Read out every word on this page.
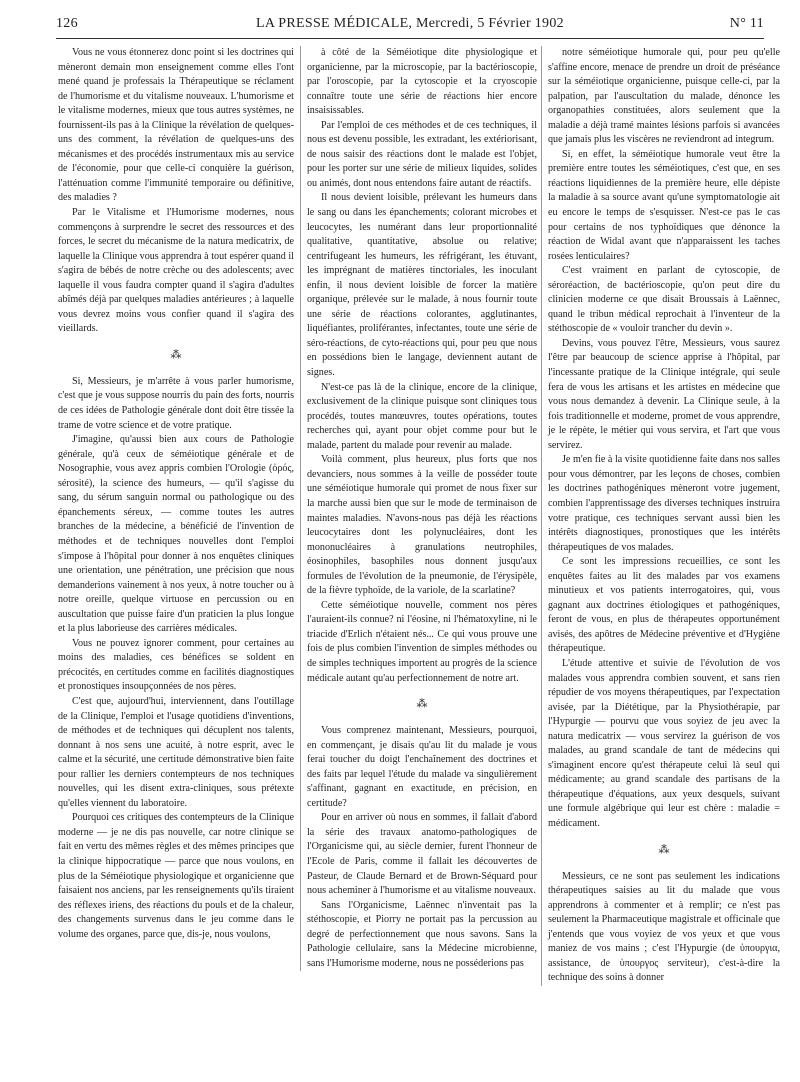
126	LA PRESSE MÉDICALE, Mercredi, 5 Février 1902	N° 11

Vous ne vous étonnerez donc point si les doctrines qui mèneront demain mon enseignement comme elles l'ont mené quand je professais la Thérapeutique se réclament de l'humorisme et du vitalisme nouveaux. L'humorisme et le vitalisme modernes, mieux que tous autres systèmes, ne fournissent-ils pas à la Clinique la révélation de quelques-uns des comment, la révélation de quelques-uns des mécanismes et des procédés instrumentaux mis au service de l'économie, pour que celle-ci conquière la guérison, l'atténuation comme l'immunité temporaire ou définitive, des maladies ?

Par le Vitalisme et l'Humorisme modernes, nous commençons à surprendre le secret des ressources et des forces, le secret du mécanisme de la natura medicatrix, de laquelle la Clinique vous apprendra à tout espérer quand il s'agira de bébés de notre crèche ou des adolescents; avec laquelle il vous faudra compter quand il s'agira d'adultes abîmés déjà par quelques maladies antérieures ; à laquelle vous devrez moins vous confier quand il s'agira des vieillards.

⁂

Si, Messieurs, je m'arrête à vous parler humorisme, c'est que je vous suppose nourris du pain des forts, nourris de ces idées de Pathologie générale dont doit être tissée la trame de votre science et de votre pratique.

J'imagine, qu'aussi bien aux cours de Pathologie générale, qu'à ceux de séméiotique générale et de Nosographie, vous avez appris combien l'Orologie (ὀρός, sérosité), la science des humeurs, — qu'il s'agisse du sang, du sérum sanguin normal ou pathologique ou des épanchements séreux, — comme toutes les autres branches de la médecine, a bénéficié de l'invention de méthodes et de techniques nouvelles dont l'emploi s'impose à l'hôpital pour donner à nos enquêtes cliniques une orientation, une pénétration, une précision que nous demanderions vainement à nos yeux, à notre toucher ou à notre oreille, quelque virtuose en percussion ou en auscultation que puisse faire d'un praticien la plus longue et la plus laborieuse des carrières médicales.

Vous ne pouvez ignorer comment, pour certaines au moins des maladies, ces bénéfices se soldent en précocités, en certitudes comme en facilités diagnostiques et pronostiques insoupçonnées de nos pères.

C'est que, aujourd'hui, interviennent, dans l'outillage de la Clinique, l'emploi et l'usage quotidiens d'inventions, de méthodes et de techniques qui décuplent nos talents, donnant à nos sens une acuité, à notre esprit, avec le calme et la sécurité, une certitude démonstrative bien faite pour rallier les derniers contempteurs de nos techniques nouvelles, qui les disent extra-cliniques, sous prétexte qu'elles viennent du laboratoire.

Pourquoi ces critiques des contempteurs de la Clinique moderne — je ne dis pas nouvelle, car notre clinique se fait en vertu des mêmes règles et des mêmes principes que la clinique hippocratique — parce que nous voulons, en plus de la Séméiotique physiologique et organicienne que faisaient nos anciens, par les renseignements qu'ils tiraient des réflexes iriens, des réactions du pouls et de la chaleur, des changements survenus dans le jeu comme dans le volume des organes, parce que, dis-je, nous voulons,

à côté de la Séméiotique dite physiologique et organicienne, par la microscopie, par la bactérioscopie, par l'oroscopie, par la cytoscopie et la cryoscopie connaître toute une série de réactions hier encore insaisissables.

Par l'emploi de ces méthodes et de ces techniques, il nous est devenu possible, les extradant, les extériorisant, de nous saisir des réactions dont le malade est l'objet, pour les porter sur une série de milieux liquides, solides ou animés, dont nous entendons faire autant de réactifs.

Il nous devient loisible, prélevant les humeurs dans le sang ou dans les épanchements; colorant microbes et leucocytes, les numérant dans leur proportionnalité qualitative, quantitative, absolue ou relative; centrifugeant les humeurs, les réfrigérant, les étuvant, les imprégnant de matières tinctoriales, les inoculant enfin, il nous devient loisible de forcer la matière organique, prélevée sur le malade, à nous fournir toute une série de réactions colorantes, agglutinantes, liquéfiantes, proliférantes, infectantes, toute une série de séro-réactions, de cyto-réactions qui, pour peu que nous en possédions bien le langage, deviennent autant de signes.

N'est-ce pas là de la clinique, encore de la clinique, exclusivement de la clinique puisque sont cliniques tous procédés, toutes manœuvres, toutes opérations, toutes recherches qui, ayant pour objet comme pour but le malade, partent du malade pour revenir au malade.

Voilà comment, plus heureux, plus forts que nos devanciers, nous sommes à la veille de posséder toute une séméiotique humorale qui promet de nous fixer sur la marche aussi bien que sur le mode de terminaison de maintes maladies. N'avons-nous pas déjà les réactions leucocytaires dont les polynucléaires, dont les mononucléaires à granulations neutrophiles, éosinophiles, basophiles nous donnent jusqu'aux formules de l'évolution de la pneumonie, de l'érysipèle, de la fièvre typhoïde, de la variole, de la scarlatine?

Cette séméiotique nouvelle, comment nos pères l'auraient-ils connue? ni l'éosine, ni l'hématoxyline, ni le triacide d'Erlich n'étaient nés... Ce qui vous prouve une fois de plus combien l'invention de simples méthodes ou de simples techniques importent au progrès de la science médicale autant qu'au perfectionnement de notre art.

⁂

Vous comprenez maintenant, Messieurs, pourquoi, en commençant, je disais qu'au lit du malade je vous ferai toucher du doigt l'enchaînement des doctrines et des faits par lequel l'étude du malade va singulièrement s'affinant, gagnant en exactitude, en précision, en certitude?

Pour en arriver où nous en sommes, il fallait d'abord la série des travaux anatomo-pathologiques de l'Organicisme qui, au siècle dernier, furent l'honneur de l'Ecole de Paris, comme il fallait les découvertes de Pasteur, de Claude Bernard et de Brown-Séquard pour nous acheminer à l'humorisme et au vitalisme nouveaux.

Sans l'Organicisme, Laënnec n'inventait pas la stéthoscopie, et Piorry ne portait pas la percussion au degré de perfectionnement que nous savons. Sans la Pathologie cellulaire, sans la Médecine microbienne, sans l'Humorisme moderne, nous ne posséderions pas

notre séméiotique humorale qui, pour peu qu'elle s'affine encore, menace de prendre un droit de préséance sur la séméiotique organicienne, puisque celle-ci, par la palpation, par l'auscultation du malade, dénonce les organopathies constituées, alors seulement que la maladie a déjà tramé maintes lésions parfois si avancées que jamais plus les viscères ne reviendront ad integrum.

Si, en effet, la séméiotique humorale veut être la première entre toutes les séméiotiques, c'est que, en ses réactions liquidiennes de la première heure, elle dépiste la maladie à sa source avant qu'une symptomatologie ait eu encore le temps de s'esquisser. N'est-ce pas le cas pour certains de nos typhoïdiques que dénonce la réaction de Widal avant que n'apparaissent les taches rosées lenticulaires?

C'est vraiment en parlant de cytoscopie, de séroréaction, de bactérioscopie, qu'on peut dire du clinicien moderne ce que disait Broussais à Laënnec, quand le tribun médical reprochait à l'inventeur de la stéthoscopie de « vouloir trancher du devin ».

Devins, vous pouvez l'être, Messieurs, vous saurez l'être par beaucoup de science apprise à l'hôpital, par l'incessante pratique de la Clinique intégrale, qui seule fera de vous les artisans et les artistes en médecine que vous nous demandez à devenir. La Clinique seule, à la fois traditionnelle et moderne, promet de vous apprendre, je le répète, le métier qui vous servira, et l'art que vous servirez.

Je m'en fie à la visite quotidienne faite dans nos salles pour vous démontrer, par les leçons de choses, combien les doctrines pathogéniques mèneront votre jugement, combien l'apprentissage des diverses techniques instruira votre pratique, ces techniques servant aussi bien les intérêts diagnostiques, pronostiques que les intérêts thérapeutiques de vos malades.

Ce sont les impressions recueillies, ce sont les enquêtes faites au lit des malades par vos examens minutieux et vos patients interrogatoires, qui, vous gagnant aux doctrines étiologiques et pathogéniques, feront de vous, en plus de thérapeutes opportunément avisés, des apôtres de Médecine préventive et d'Hygiène thérapeutique.

L'étude attentive et suivie de l'évolution de vos malades vous apprendra combien souvent, et sans rien répudier de vos moyens thérapeutiques, par l'expectation avisée, par la Diététique, par la Physiothérapie, par l'Hypurgie — pourvu que vous soyiez de jeu avec la natura medicatrix — vous servirez la guérison de vos malades, au grand scandale de tant de médecins qui s'imaginent encore qu'est thérapeute celui là seul qui médicamente; au grand scandale des partisans de la thérapeutique d'équations, aux yeux desquels, suivant une formule algébrique qui leur est chère : maladie = médicament.

⁂

Messieurs, ce ne sont pas seulement les indications thérapeutiques saisies au lit du malade que vous apprendrons à commenter et à remplir; ce n'est pas seulement la Pharmaceutique magistrale et officinale que j'entends que vous voyiez de vos yeux et que vous maniez de vos mains ; c'est l'Hypurgie (de ὑπουργια, assistance, de ὑπουργος serviteur), c'est-à-dire la technique des soins à donner
